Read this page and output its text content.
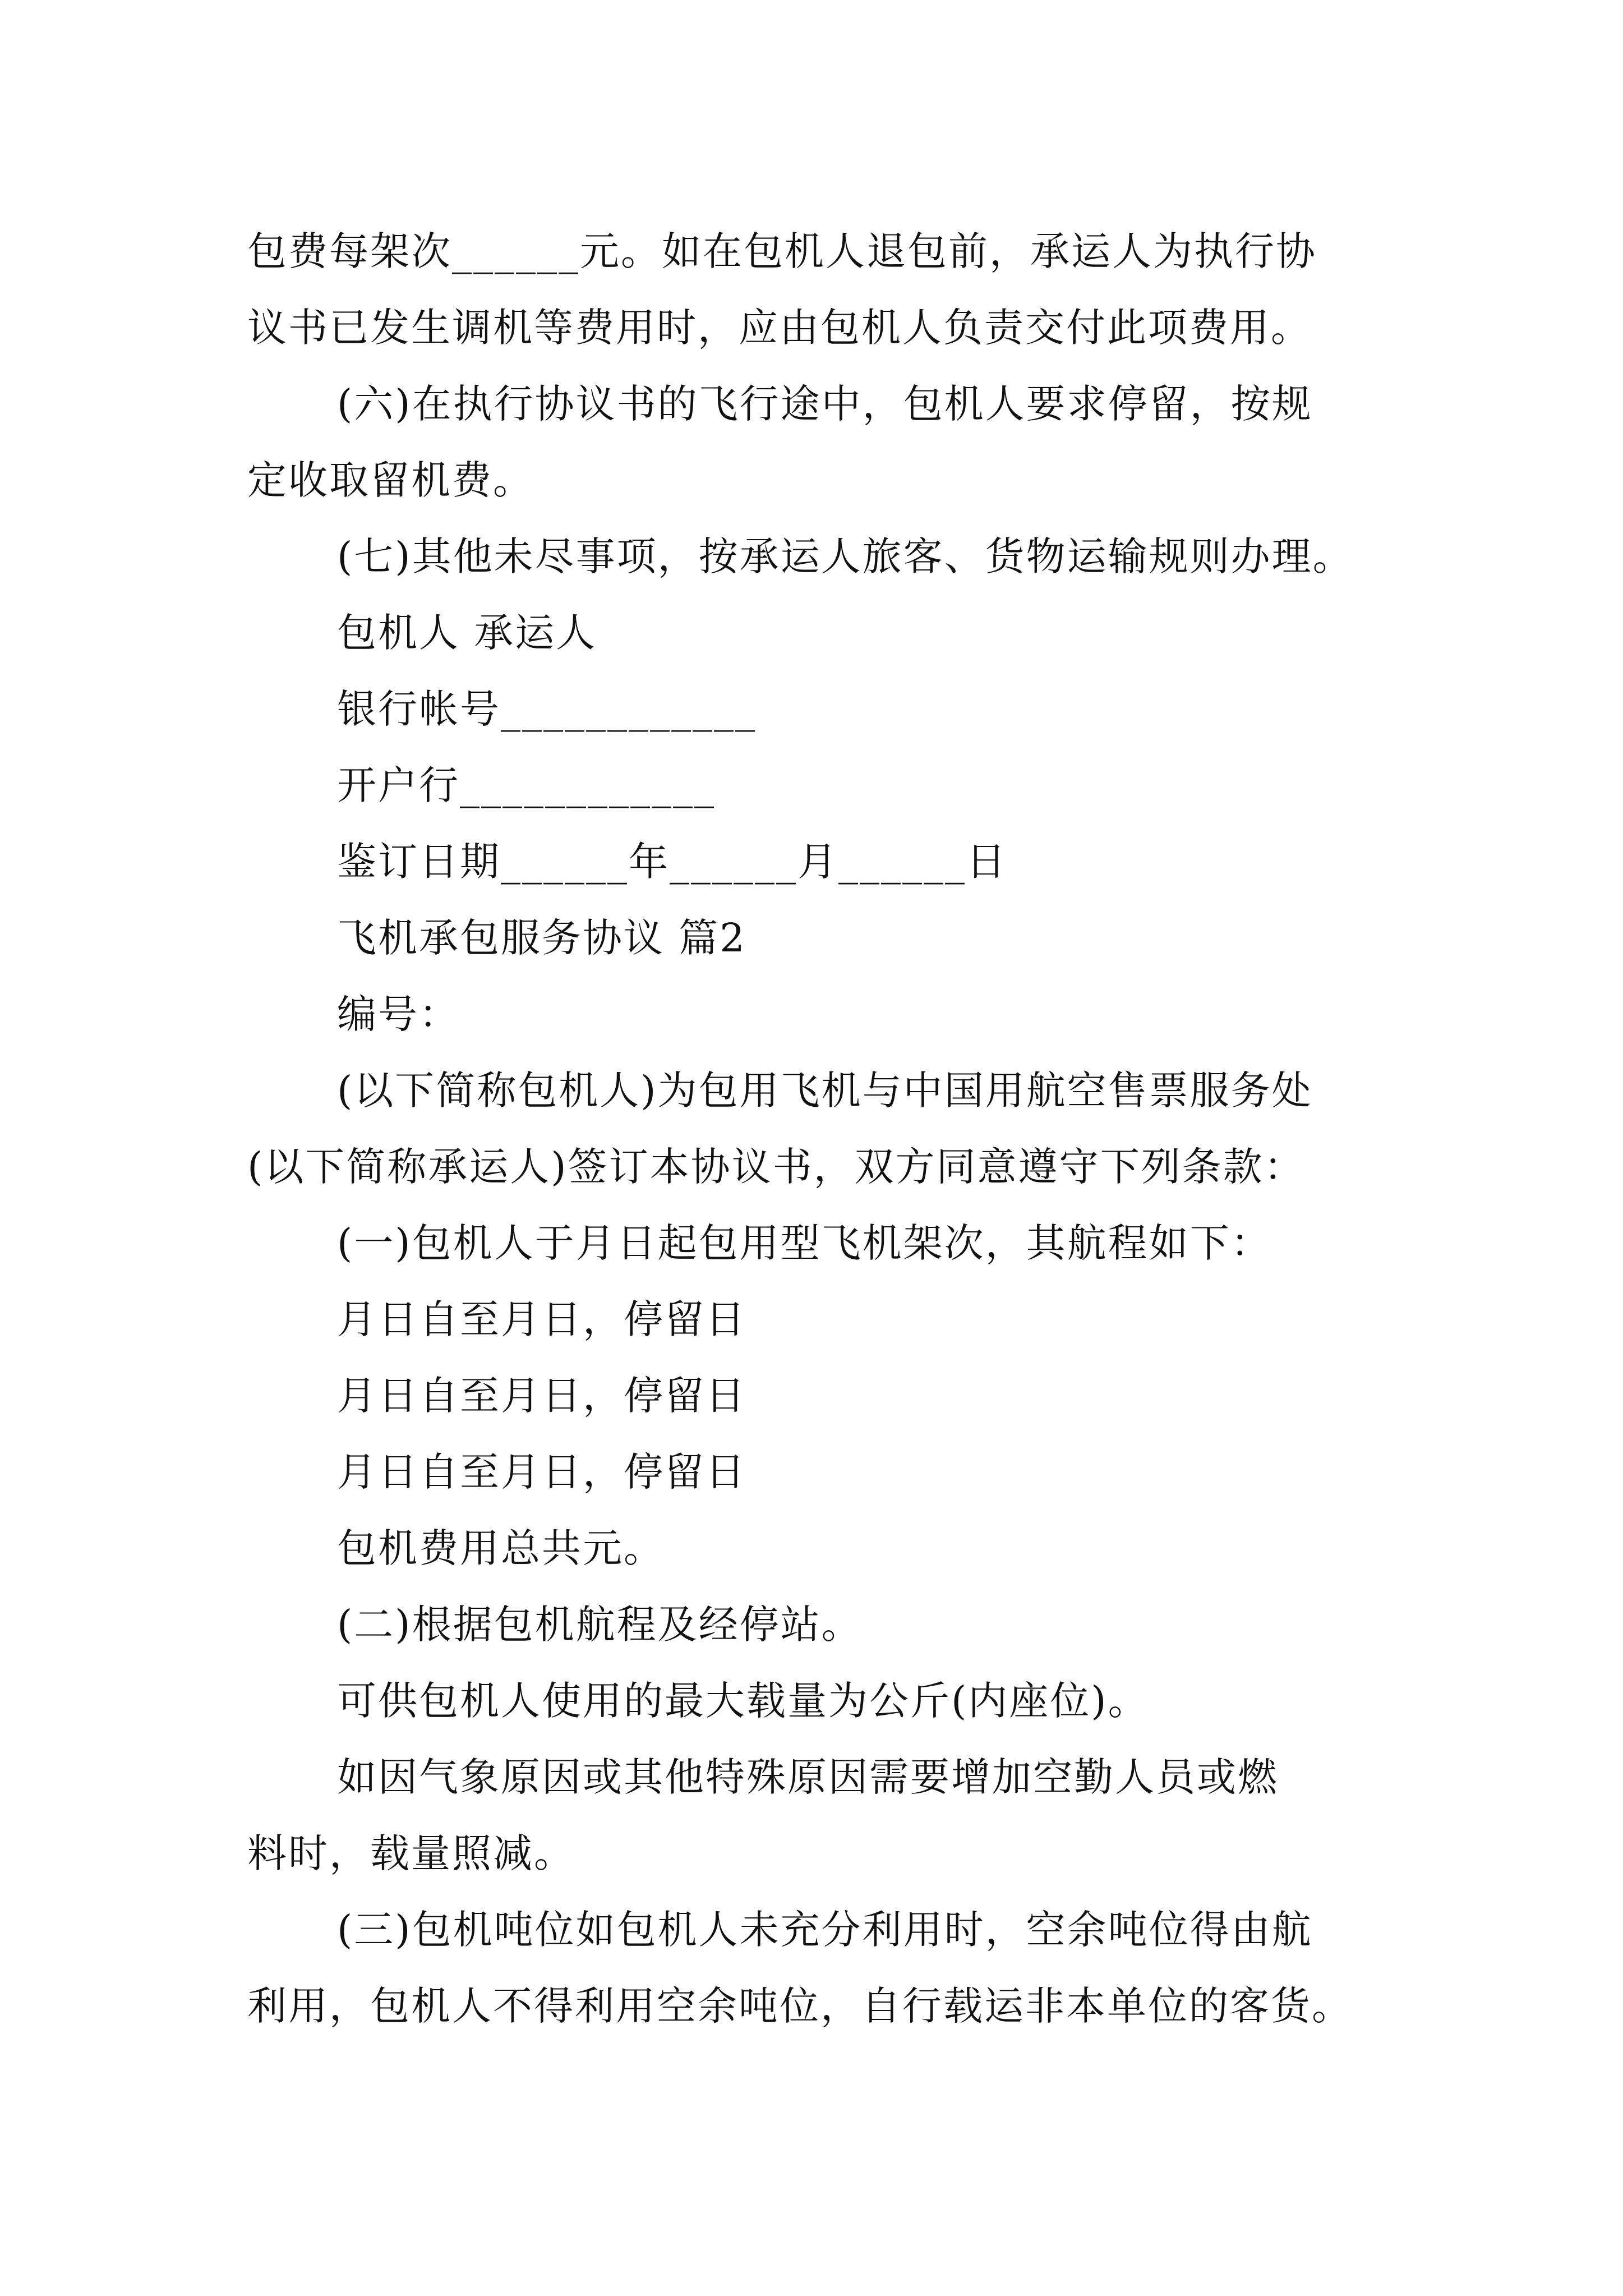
包费每架次______元。如在包机人退包前，承运人为执行协
议书已发生调机等费用时，应由包机人负责交付此项费用。
(六)在执行协议书的飞行途中，包机人要求停留，按规
定收取留机费。
(七)其他未尽事项，按承运人旅客、货物运输规则办理。
包机人 承运人
银行帐号____________
开户行____________
鉴订日期______年______月______日
飞机承包服务协议 篇2
编号：
(以下简称包机人)为包用飞机与中国用航空售票服务处
(以下简称承运人)签订本协议书，双方同意遵守下列条款：
(一)包机人于月日起包用型飞机架次，其航程如下：
月日自至月日，停留日
月日自至月日，停留日
月日自至月日，停留日
包机费用总共元。
(二)根据包机航程及经停站。
可供包机人使用的最大载量为公斤(内座位)。
如因气象原因或其他特殊原因需要增加空勤人员或燃
料时，载量照减。
(三)包机吨位如包机人未充分利用时，空余吨位得由航
利用，包机人不得利用空余吨位，自行载运非本单位的客货。
